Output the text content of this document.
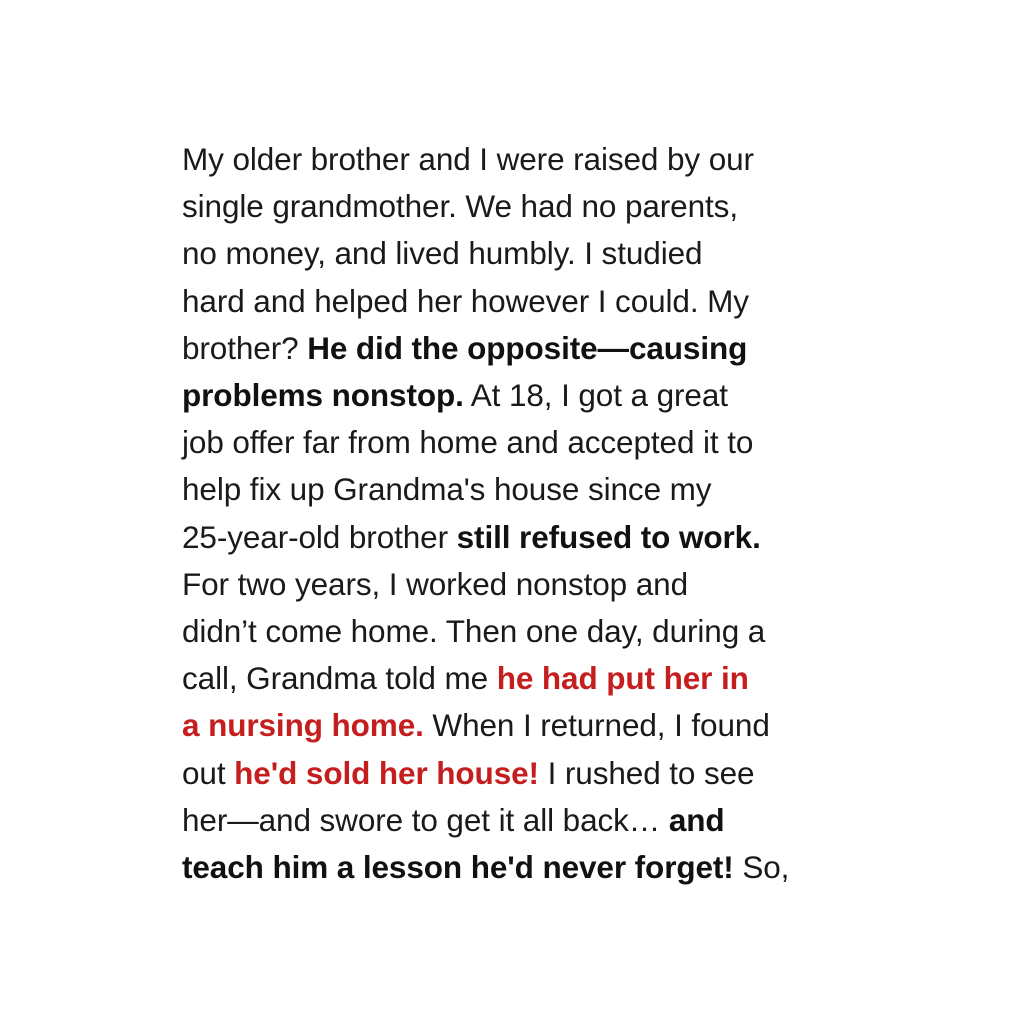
My older brother and I were raised by our
single grandmother. We had no parents,
no money, and lived humbly. I studied
hard and helped her however I could. My
brother? He did the opposite—causing
problems nonstop. At 18, I got a great
job offer far from home and accepted it to
help fix up Grandma's house since my
25-year-old brother still refused to work.
For two years, I worked nonstop and
didn’t come home. Then one day, during a
call, Grandma told me he had put her in
a nursing home. When I returned, I found
out he'd sold her house! I rushed to see
her—and swore to get it all back… and
teach him a lesson he'd never forget! So,
